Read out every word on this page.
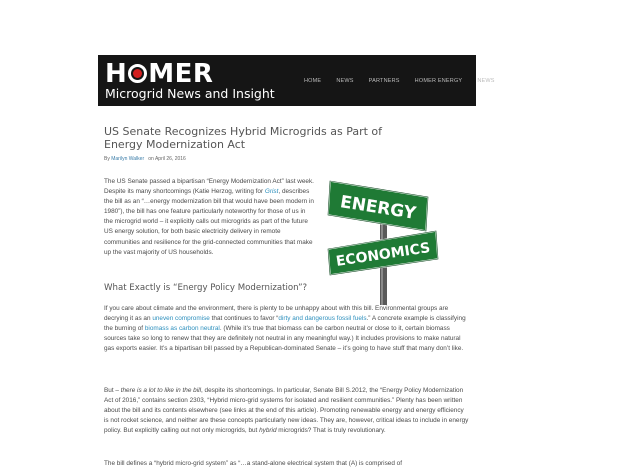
H MER
Microgrid News and Insight
HOME	NEWS	PARTNERS	HOMER ENERGY	NEWS
US Senate Recognizes Hybrid Microgrids as Part of Energy Modernization Act
By Marilyn Walker on April 26, 2016

The US Senate passed a bipartisan “Energy Modernization Act” last week. Despite its many shortcomings (Katie Herzog, writing for Grist, describes the bill as an “…energy modernization bill that would have been modern in 1980”), the bill has one feature particularly noteworthy for those of us in the microgrid world – it explicitly calls out microgrids as part of the future US energy solution, for both basic electricity delivery in remote communities and resilience for the grid-connected communities that make up the vast majority of US households.

ENERGY
ECONOMICS
What Exactly is “Energy Policy Modernization”?

If you care about climate and the environment, there is plenty to be unhappy about with this bill. Environmental groups are decrying it as an uneven compromise that continues to favor “dirty and dangerous fossil fuels.” A concrete example is classifying the burning of biomass as carbon neutral. (While it’s true that biomass can be carbon neutral or close to it, certain biomass sources take so long to renew that they are definitely not neutral in any meaningful way.) It includes provisions to make natural gas exports easier. It’s a bipartisan bill passed by a Republican-dominated Senate – it’s going to have stuff that many don’t like.

But – there is a lot to like in the bill, despite its shortcomings. In particular, Senate Bill S.2012, the “Energy Policy Modernization Act of 2016,” contains section 2303, “Hybrid micro-grid systems for isolated and resilient communities.” Plenty has been written about the bill and its contents elsewhere (see links at the end of this article). Promoting renewable energy and energy efficiency is not rocket science, and neither are these concepts particularly new ideas. They are, however, critical ideas to include in energy policy. But explicitly calling out not only microgrids, but hybrid microgrids? That is truly revolutionary.

The bill defines a “hybrid micro-grid system” as “…a stand-alone electrical system that (A) is comprised of
